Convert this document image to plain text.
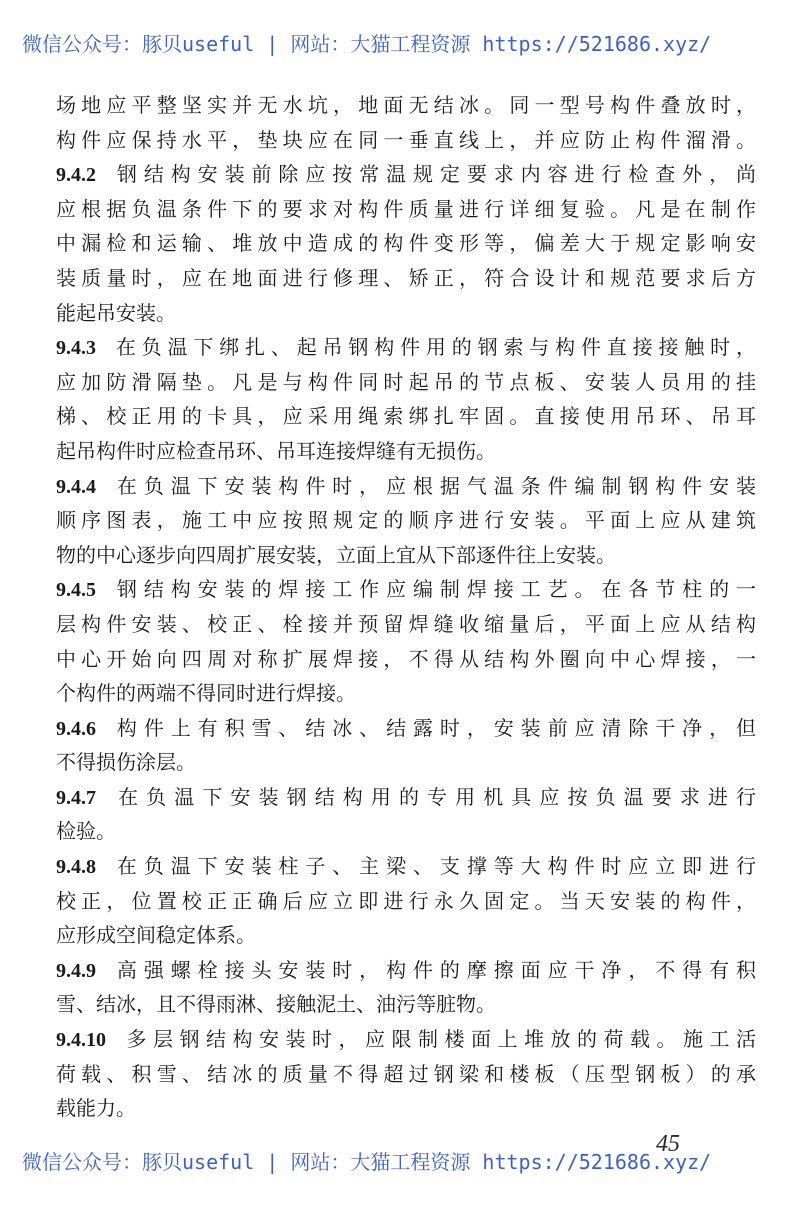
微信公众号：豚贝useful | 网站：大猫工程资源 https://521686.xyz/
场地应平整坚实并无水坑，地面无结冰。同一型号构件叠放时，
构件应保持水平，垫块应在同一垂直线上，并应防止构件溜滑。
9.4.2 钢结构安装前除应按常温规定要求内容进行检查外，尚
应根据负温条件下的要求对构件质量进行详细复验。凡是在制作
中漏检和运输、堆放中造成的构件变形等，偏差大于规定影响安
装质量时，应在地面进行修理、矫正，符合设计和规范要求后方
能起吊安装。
9.4.3 在负温下绑扎、起吊钢构件用的钢索与构件直接接触时，
应加防滑隔垫。凡是与构件同时起吊的节点板、安装人员用的挂
梯、校正用的卡具，应采用绳索绑扎牢固。直接使用吊环、吊耳
起吊构件时应检查吊环、吊耳连接焊缝有无损伤。
9.4.4 在负温下安装构件时，应根据气温条件编制钢构件安装
顺序图表，施工中应按照规定的顺序进行安装。平面上应从建筑
物的中心逐步向四周扩展安装，立面上宜从下部逐件往上安装。
9.4.5 钢结构安装的焊接工作应编制焊接工艺。在各节柱的一
层构件安装、校正、栓接并预留焊缝收缩量后，平面上应从结构
中心开始向四周对称扩展焊接，不得从结构外圈向中心焊接，一
个构件的两端不得同时进行焊接。
9.4.6 构件上有积雪、结冰、结露时，安装前应清除干净，但
不得损伤涂层。
9.4.7 在负温下安装钢结构用的专用机具应按负温要求进行
检验。
9.4.8 在负温下安装柱子、主梁、支撑等大构件时应立即进行
校正，位置校正正确后应立即进行永久固定。当天安装的构件，
应形成空间稳定体系。
9.4.9 高强螺栓接头安装时，构件的摩擦面应干净，不得有积
雪、结冰，且不得雨淋、接触泥土、油污等脏物。
9.4.10 多层钢结构安装时，应限制楼面上堆放的荷载。施工活
荷载、积雪、结冰的质量不得超过钢梁和楼板（压型钢板）的承
载能力。
45
微信公众号：豚贝useful | 网站：大猫工程资源 https://521686.xyz/
